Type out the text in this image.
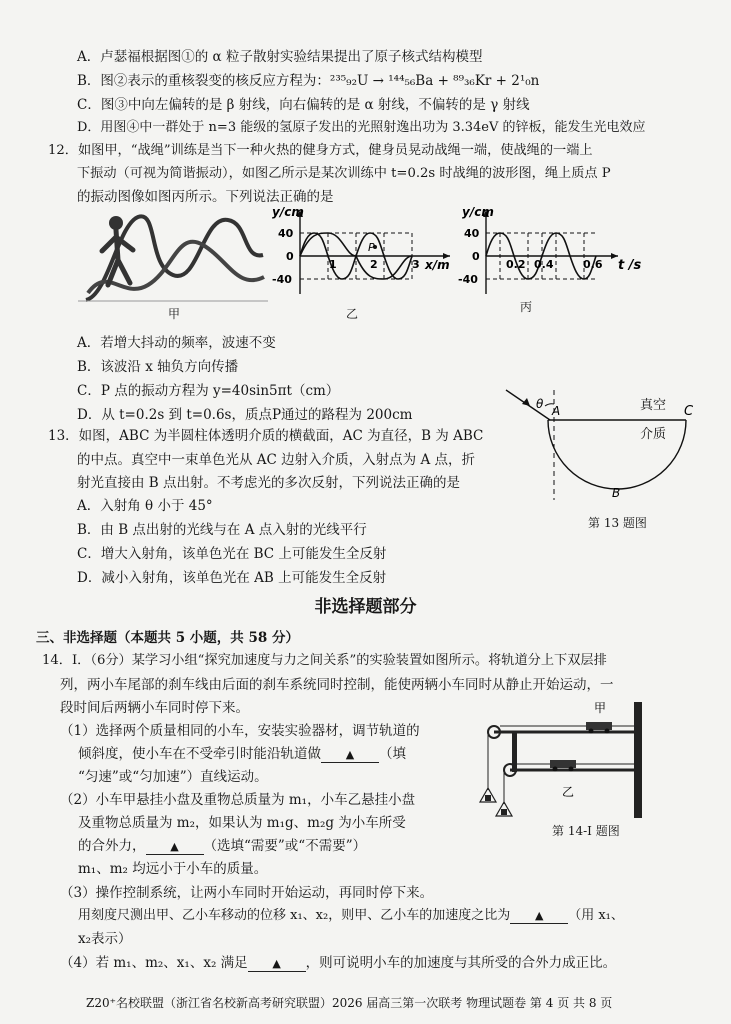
A．卢瑟福根据图①的 α 粒子散射实验结果提出了原子核式结构模型
B．图②表示的重核裂变的核反应方程为：²³⁵₉₂U → ¹⁴⁴₅₆Ba + ⁸⁹₃₆Kr + 2¹₀n
C．图③中向左偏转的是 β 射线，向右偏转的是 α 射线，不偏转的是 γ 射线
D．用图④中一群处于 n=3 能级的氢原子发出的光照射逸出功为 3.34eV 的锌板，能发生光电效应
12．如图甲，“战绳”训练是当下一种火热的健身方式，健身员晃动战绳一端，使战绳的一端上
下振动（可视为简谐振动），如图乙所示是某次训练中 t=0.2s 时战绳的波形图，绳上质点 P
的振动图像如图丙所示。下列说法正确的是
甲
y/cm
40
-40
0
1	2	3
P
x/m
乙
y/cm
40
-40
0
0.2 0.4	0.6 t /s
丙
A．若增大抖动的频率，波速不变
B．该波沿 x 轴负方向传播
C．P 点的振动方程为 y=40sin5πt（cm）
D．从 t=0.2s 到 t=0.6s，质点P通过的路程为 200cm
θ A	C
B
真空
介质
第 13 题图
13．如图，ABC 为半圆柱体透明介质的横截面，AC 为直径，B 为 ABC
的中点。真空中一束单色光从 AC 边射入介质，入射点为 A 点，折
射光直接由 B 点出射。不考虑光的多次反射，下列说法正确的是
A．入射角 θ 小于 45°
B．由 B 点出射的光线与在 A 点入射的光线平行
C．增大入射角，该单色光在 BC 上可能发生全反射
D．减小入射角，该单色光在 AB 上可能发生全反射
非选择题部分
三、非选择题（本题共 5 小题，共 58 分）
14．I．（6分）某学习小组“探究加速度与力之间关系”的实验装置如图所示。将轨道分上下双层排
列，两小车尾部的刹车线由后面的刹车系统同时控制，能使两辆小车同时从静止开始运动，一
段时间后两辆小车同时停下来。
（1）选择两个质量相同的小车，安装实验器材，调节轨道的
倾斜度，使小车在不受牵引时能沿轨道做 ▲ （填
“匀速”或“匀加速”）直线运动。
（2）小车甲悬挂小盘及重物总质量为 m₁，小车乙悬挂小盘
及重物总质量为 m₂，如果认为 m₁g、m₂g 为小车所受
的合外力， ▲ （选填“需要”或“不需要”）
m₁、m₂ 均远小于小车的质量。
（3）操作控制系统，让两小车同时开始运动，再同时停下来。
用刻度尺测出甲、乙小车移动的位移 x₁、x₂，则甲、乙小车的加速度之比为 ▲ （用 x₁、
x₂表示）
（4）若 m₁、m₂、x₁、x₂ 满足 ▲ ，则可说明小车的加速度与其所受的合外力成正比。
甲
乙
第 14-I 题图
Z20⁺名校联盟（浙江省名校新高考研究联盟）2026 届高三第一次联考 物理试题卷 第 4 页 共 8 页
